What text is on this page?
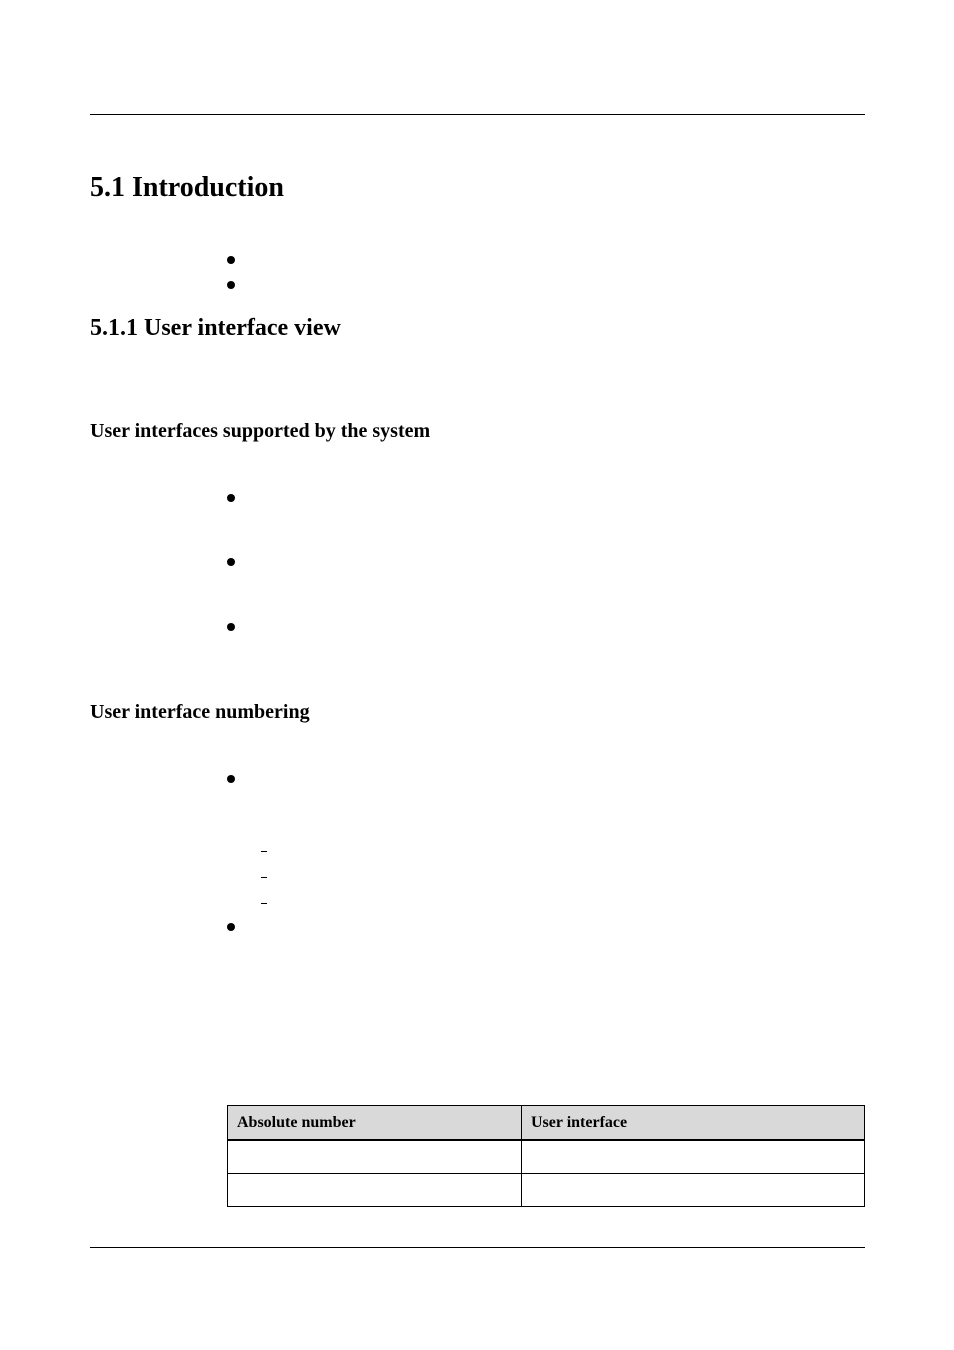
5.1 Introduction
5.1.1 User interface view
User interfaces supported by the system
User interface numbering
Absolute number	User interface
